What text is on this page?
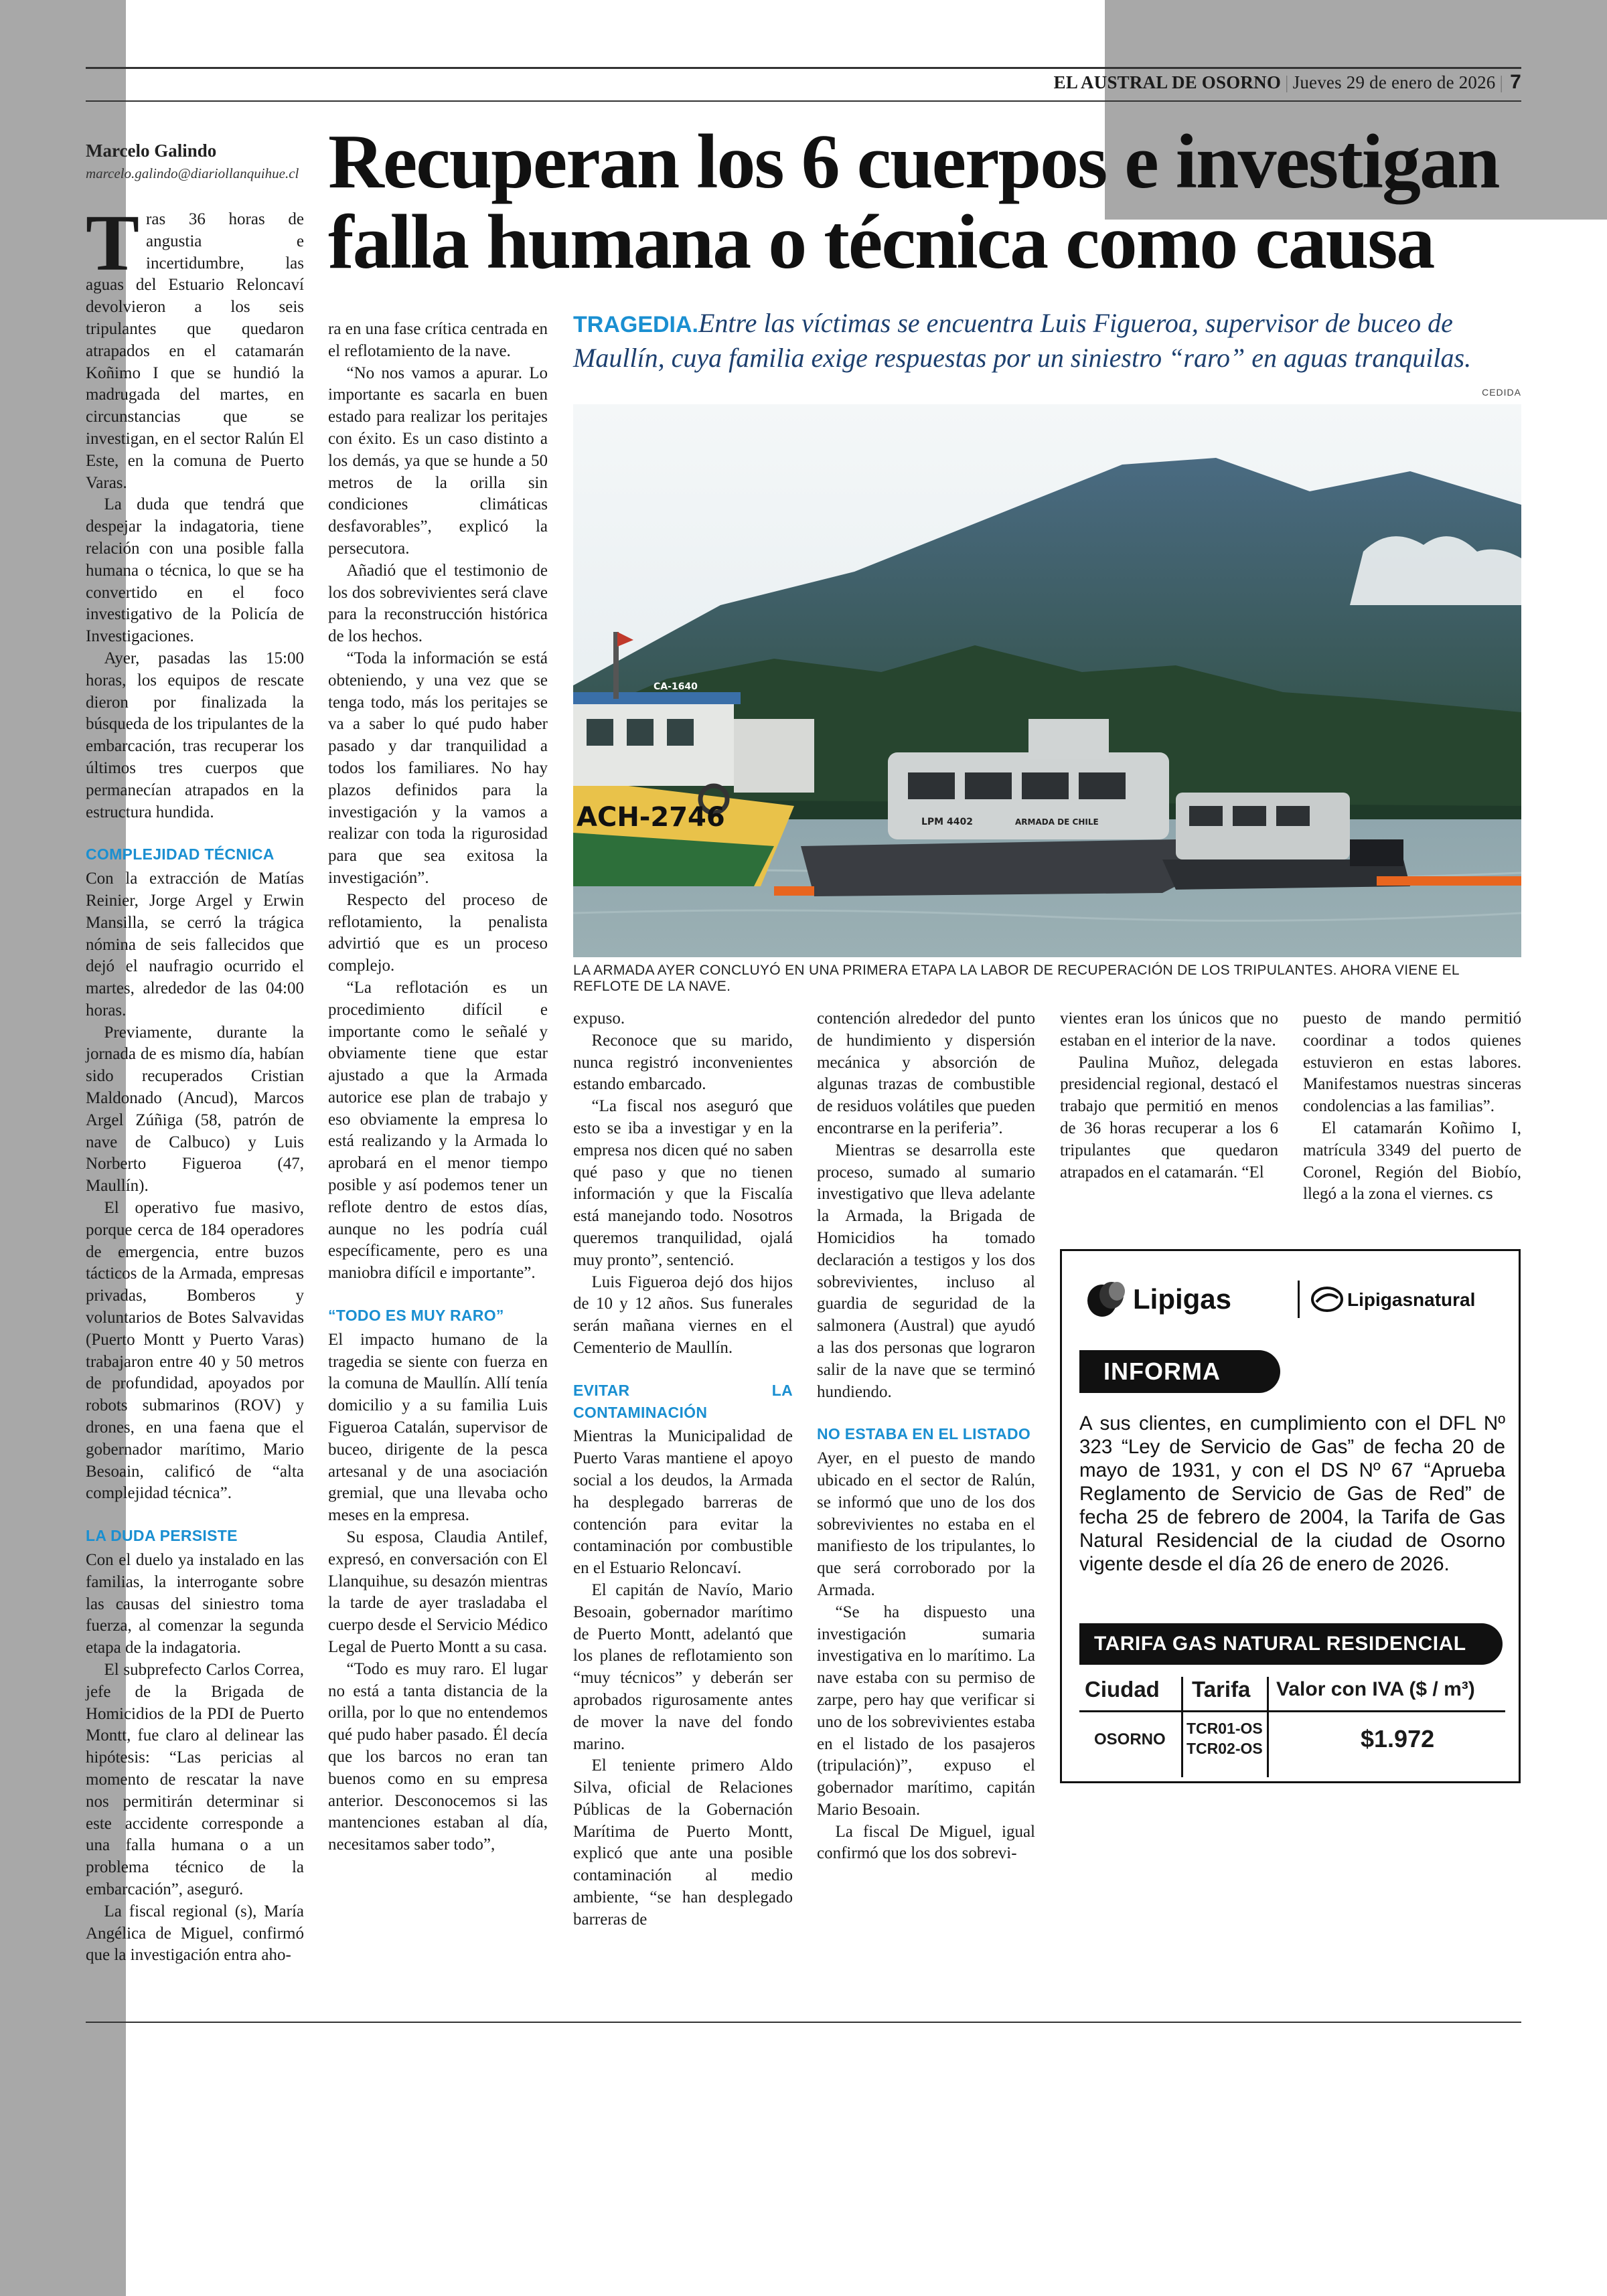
EL AUSTRAL DE OSORNO | Jueves 29 de enero de 2026 | 7
Marcelo Galindo
marcelo.galindo@diariollanquihue.cl Recuperan los 6 cuerpos e investigan
falla humana o técnica como causa
TRAGEDIA.Entre las víctimas se encuentra Luis Figueroa, supervisor de buceo de Maullín, cuya familia exige respuestas por un siniestro “raro” en aguas tranquilas.
CEDIDA
ACH-2746
CA-1640
LPM 4402	ARMADA DE CHILE
LA ARMADA AYER CONCLUYÓ EN UNA PRIMERA ETAPA LA LABOR DE RECUPERACIÓN DE LOS TRIPULANTES. AHORA VIENE EL REFLOTE DE LA NAVE.

Tras 36 horas de angustia e incertidumbre, las aguas del Estuario Reloncaví devolvieron a los seis tripulantes que quedaron atrapados en el catamarán Koñimo I que se hundió la madrugada del martes, en circunstancias que se investigan, en el sector Ralún El Este, en la comuna de Puerto Varas.

La duda que tendrá que despejar la indagatoria, tiene relación con una posible falla humana o técnica, lo que se ha convertido en el foco investigativo de la Policía de Investigaciones.

Ayer, pasadas las 15:00 horas, los equipos de rescate dieron por finalizada la búsqueda de los tripulantes de la embarcación, tras recuperar los últimos tres cuerpos que permanecían atrapados en la estructura hundida.

COMPLEJIDAD TÉCNICA

Con la extracción de Matías Reinier, Jorge Argel y Erwin Mansilla, se cerró la trágica nómina de seis fallecidos que dejó el naufragio ocurrido el martes, alrededor de las 04:00 horas.

Previamente, durante la jornada de es mismo día, habían sido recuperados Cristian Maldonado (Ancud), Marcos Argel Zúñiga (58, patrón de nave de Calbuco) y Luis Norberto Figueroa (47, Maullín).

El operativo fue masivo, porque cerca de 184 operadores de emergencia, entre buzos tácticos de la Armada, empresas privadas, Bomberos y voluntarios de Botes Salvavidas (Puerto Montt y Puerto Varas) trabajaron entre 40 y 50 metros de profundidad, apoyados por robots submarinos (ROV) y drones, en una faena que el gobernador marítimo, Mario Besoain, calificó de “alta complejidad técnica”.

LA DUDA PERSISTE

Con el duelo ya instalado en las familias, la interrogante sobre las causas del siniestro toma fuerza, al comenzar la segunda etapa de la indagatoria.

El subprefecto Carlos Correa, jefe de la Brigada de Homicidios de la PDI de Puerto Montt, fue claro al delinear las hipótesis: “Las pericias al momento de rescatar la nave nos permitirán determinar si este accidente corresponde a una falla humana o a un problema técnico de la embarcación”, aseguró.

La fiscal regional (s), María Angélica de Miguel, confirmó que la investigación entra aho-

ra en una fase crítica centrada en el reflotamiento de la nave.

“No nos vamos a apurar. Lo importante es sacarla en buen estado para realizar los peritajes con éxito. Es un caso distinto a los demás, ya que se hunde a 50 metros de la orilla sin condiciones climáticas desfavorables”, explicó la persecutora.

Añadió que el testimonio de los dos sobrevivientes será clave para la reconstrucción histórica de los hechos.

“Toda la información se está obteniendo, y una vez que se tenga todo, más los peritajes se va a saber lo qué pudo haber pasado y dar tranquilidad a todos los familiares. No hay plazos definidos para la investigación y la vamos a realizar con toda la rigurosidad para que sea exitosa la investigación”.

Respecto del proceso de reflotamiento, la penalista advirtió que es un proceso complejo.

“La reflotación es un procedimiento difícil e importante como le señalé y obviamente tiene que estar ajustado a que la Armada autorice ese plan de trabajo y eso obviamente la empresa lo está realizando y la Armada lo aprobará en el menor tiempo posible y así podemos tener un reflote dentro de estos días, aunque no les podría cuál específicamente, pero es una maniobra difícil e importante”.

“TODO ES MUY RARO”

El impacto humano de la tragedia se siente con fuerza en la comuna de Maullín. Allí tenía domicilio y a su familia Luis Figueroa Catalán, supervisor de buceo, dirigente de la pesca artesanal y de una asociación gremial, que una llevaba ocho meses en la empresa.

Su esposa, Claudia Antilef, expresó, en conversación con El Llanquihue, su desazón mientras la tarde de ayer trasladaba el cuerpo desde el Servicio Médico Legal de Puerto Montt a su casa.

“Todo es muy raro. El lugar no está a tanta distancia de la orilla, por lo que no entendemos qué pudo haber pasado. Él decía que los barcos no eran tan buenos como en su empresa anterior. Desconocemos si las mantenciones estaban al día, necesitamos saber todo”,

expuso.

Reconoce que su marido, nunca registró inconvenientes estando embarcado.

“La fiscal nos aseguró que esto se iba a investigar y en la empresa nos dicen qué no saben qué paso y que no tienen información y que la Fiscalía está manejando todo. Nosotros queremos tranquilidad, ojalá muy pronto”, sentenció.

Luis Figueroa dejó dos hijos de 10 y 12 años. Sus funerales serán mañana viernes en el Cementerio de Maullín.

EVITAR LA CONTAMINACIÓN

Mientras la Municipalidad de Puerto Varas mantiene el apoyo social a los deudos, la Armada ha desplegado barreras de contención para evitar la contaminación por combustible en el Estuario Reloncaví.

El capitán de Navío, Mario Besoain, gobernador marítimo de Puerto Montt, adelantó que los planes de reflotamiento son “muy técnicos” y deberán ser aprobados rigurosamente antes de mover la nave del fondo marino.

El teniente primero Aldo Silva, oficial de Relaciones Públicas de la Gobernación Marítima de Puerto Montt, explicó que ante una posible contaminación al medio ambiente, “se han desplegado barreras de

contención alrededor del punto de hundimiento y dispersión mecánica y absorción de algunas trazas de combustible de residuos volátiles que pueden encontrarse en la periferia”.

Mientras se desarrolla este proceso, sumado al sumario investigativo que lleva adelante la Armada, la Brigada de Homicidios ha tomado declaración a testigos y los dos sobrevivientes, incluso al guardia de seguridad de la salmonera (Austral) que ayudó a las dos personas que lograron salir de la nave que se terminó hundiendo.

NO ESTABA EN EL LISTADO

Ayer, en el puesto de mando ubicado en el sector de Ralún, se informó que uno de los dos sobrevivientes no estaba en el manifiesto de los tripulantes, lo que será corroborado por la Armada.

“Se ha dispuesto una investigación sumaria investigativa en lo marítimo. La nave estaba con su permiso de zarpe, pero hay que verificar si uno de los sobrevivientes estaba en el listado de los pasajeros (tripulación)”, expuso el gobernador marítimo, capitán Mario Besoain.

La fiscal De Miguel, igual confirmó que los dos sobrevi-

vientes eran los únicos que no estaban en el interior de la nave.

Paulina Muñoz, delegada presidencial regional, destacó el trabajo que permitió en menos de 36 horas recuperar a los 6 tripulantes que quedaron atrapados en el catamarán. “El

puesto de mando permitió coordinar a todos quienes estuvieron en estas labores. Manifestamos nuestras sinceras condolencias a las familias”.

El catamarán Koñimo I, matrícula 3349 del puerto de Coronel, Región del Biobío, llegó a la zona el viernes. cs

Lipigas	Lipigasnatural
INFORMA
A sus clientes, en cumplimiento con el DFL Nº 323 “Ley de Servicio de Gas” de fecha 20 de mayo de 1931, y con el DS Nº 67 “Aprueba Reglamento de Servicio de Gas de Red” de fecha 25 de febrero de 2004, la Tarifa de Gas Natural Residencial de la ciudad de Osorno vigente desde el día 26 de enero de 2026.
TARIFA GAS NATURAL RESIDENCIAL
Ciudad Tarifa Valor con IVA ($ / m³)
OSORNO
TCR01-OS
TCR02-OS	$1.972
